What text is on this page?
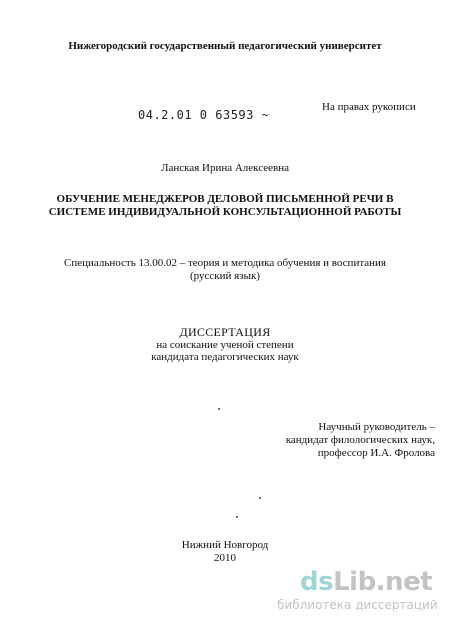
Нижегородский государственный педагогический университет
04.2.01 0 63593 ~
На правах рукописи
Ланская Ирина Алексеевна
ОБУЧЕНИЕ МЕНЕДЖЕРОВ ДЕЛОВОЙ ПИСЬМЕННОЙ РЕЧИ В
СИСТЕМЕ ИНДИВИДУАЛЬНОЙ КОНСУЛЬТАЦИОННОЙ РАБОТЫ
Специальность 13.00.02 – теория и методика обучения и воспитания
(русский язык)
ДИССЕРТАЦИЯ
на соискание ученой степени
кандидата педагогических наук
Научный руководитель –
кандидат филологических наук,
профессор И.А. Фролова
Нижний Новгород
2010
dsLib.net
библиотека диссертаций
